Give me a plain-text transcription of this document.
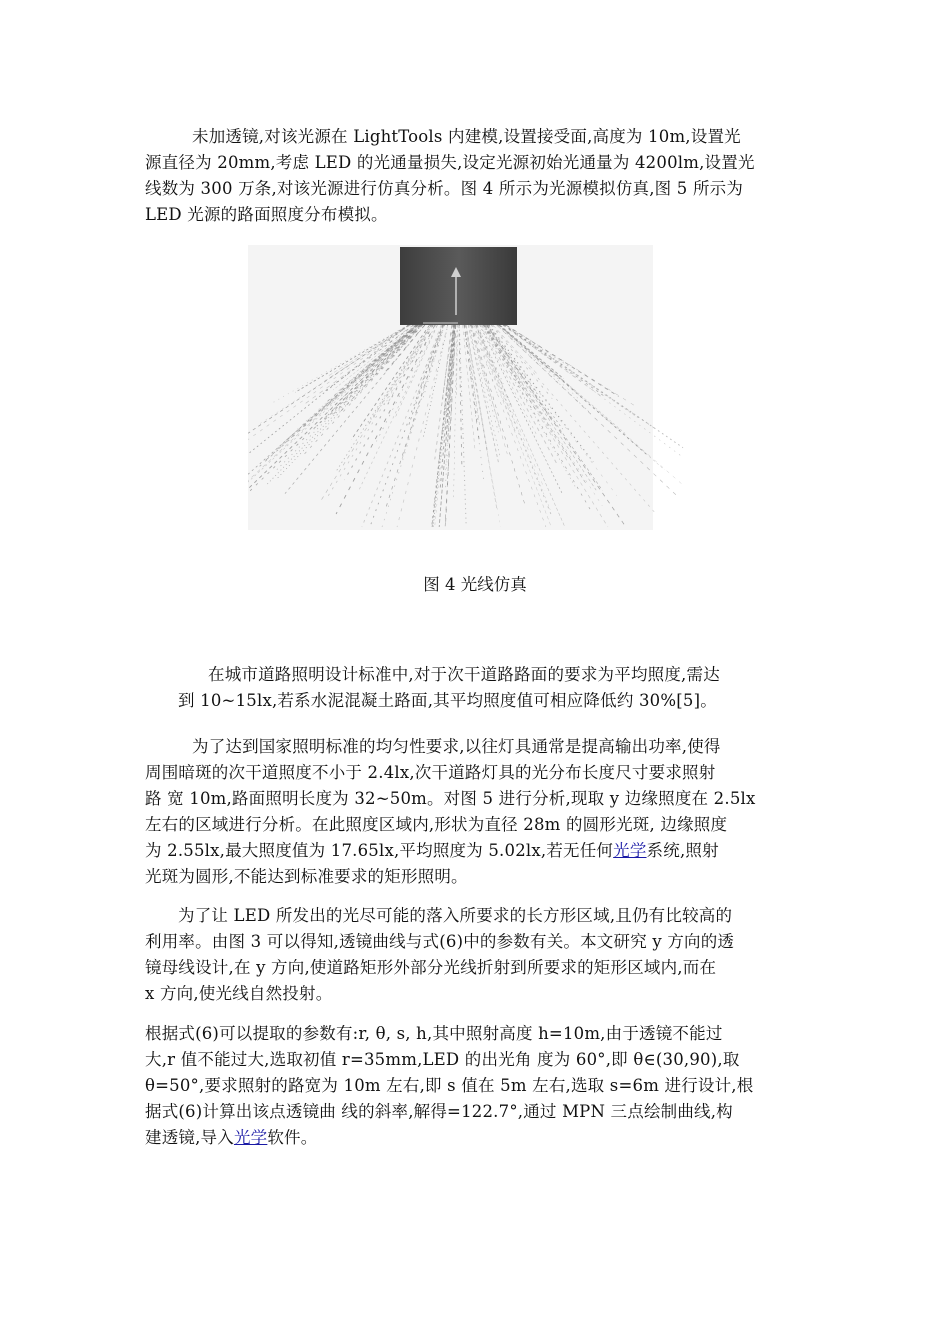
未加透镜,对该光源在 LightTools 内建模,设置接受面,高度为 10m,设置光
源直径为 20mm,考虑 LED 的光通量损失,设定光源初始光通量为 4200lm,设置光
线数为 300 万条,对该光源进行仿真分析。图 4 所示为光源模拟仿真,图 5 所示为
LED 光源的路面照度分布模拟。
图 4 光线仿真
在城市道路照明设计标准中,对于次干道路路面的要求为平均照度,需达
到 10~15lx,若系水泥混凝土路面,其平均照度值可相应降低约 30%[5]。
为了达到国家照明标准的均匀性要求,以往灯具通常是提高输出功率,使得
周围暗斑的次干道照度不小于 2.4lx,次干道路灯具的光分布长度尺寸要求照射
路 宽 10m,路面照明长度为 32~50m。对图 5 进行分析,现取 y 边缘照度在 2.5lx
左右的区域进行分析。在此照度区域内,形状为直径 28m 的圆形光斑, 边缘照度
为 2.55lx,最大照度值为 17.65lx,平均照度为 5.02lx,若无任何光学系统,照射
光斑为圆形,不能达到标准要求的矩形照明。
为了让 LED 所发出的光尽可能的落入所要求的长方形区域,且仍有比较高的
利用率。由图 3 可以得知,透镜曲线与式(6)中的参数有关。本文研究 y 方向的透
镜母线设计,在 y 方向,使道路矩形外部分光线折射到所要求的矩形区域内,而在
x 方向,使光线自然投射。
根据式(6)可以提取的参数有:r, θ, s, h,其中照射高度 h=10m,由于透镜不能过
大,r 值不能过大,选取初值 r=35mm,LED 的出光角 度为 60°,即 θ∈(30,90),取
θ=50°,要求照射的路宽为 10m 左右,即 s 值在 5m 左右,选取 s=6m 进行设计,根
据式(6)计算出该点透镜曲 线的斜率,解得=122.7°,通过 MPN 三点绘制曲线,构
建透镜,导入光学软件。
